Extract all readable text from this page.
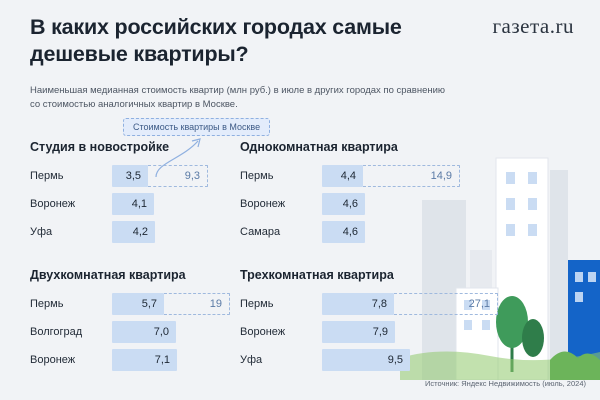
В каких российских городах самые дешевые квартиры?
газета.ru
Наименьшая медианная стоимость квартир (млн руб.) в июле в других городах по сравнению со стоимостью аналогичных квартир в Москве.
Источник: Яндекс Недвижимость (июль, 2024)
Стоимость квартиры в Москве
Студия в новостройке
Пермь	3,5	9,3
Воронеж	4,1
Уфа	4,2
Однокомнатная квартира
Пермь	4,4	14,9
Воронеж	4,6
Самара	4,6
Двухкомнатная квартира
Пермь	5,7	19
Волгоград	7,0
Воронеж	7,1
Трехкомнатная квартира
Пермь	7,8	27,1
Воронеж	7,9
Уфа	9,5
